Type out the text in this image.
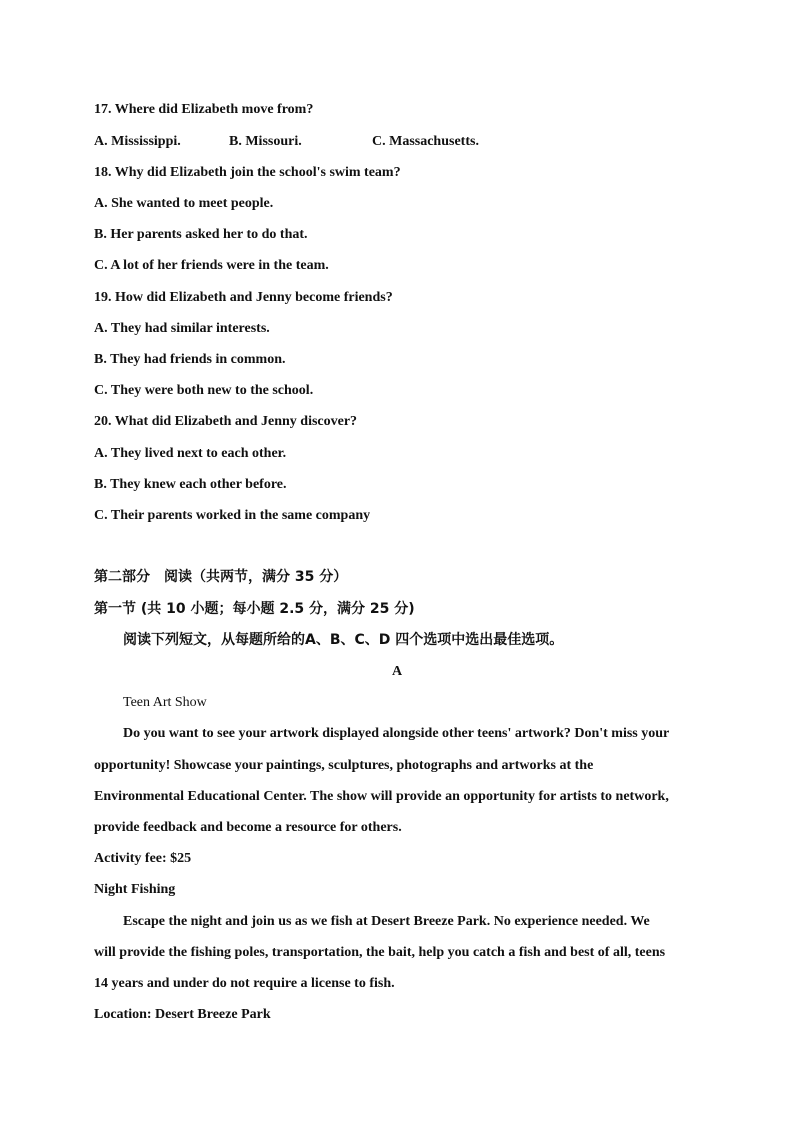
17. Where did Elizabeth move from?
A. Mississippi.	B. Missouri.	C. Massachusetts.
18. Why did Elizabeth join the school's swim team?
A. She wanted to meet people.
B. Her parents asked her to do that.
C. A lot of her friends were in the team.
19. How did Elizabeth and Jenny become friends?
A. They had similar interests.
B. They had friends in common.
C. They were both new to the school.
20. What did Elizabeth and Jenny discover?
A. They lived next to each other.
B. They knew each other before.
C. Their parents worked in the same company
第二部分　阅读（共两节，满分 35 分）
第一节 (共 10 小题；每小题 2.5 分，满分 25 分)
阅读下列短文，从每题所给的A、B、C、D 四个选项中选出最佳选项。
A
Teen Art Show
Do you want to see your artwork displayed alongside other teens' artwork? Don't miss your
opportunity! Showcase your paintings, sculptures, photographs and artworks at the
Environmental Educational Center. The show will provide an opportunity for artists to network,
provide feedback and become a resource for others.
Activity fee: $25
Night Fishing
Escape the night and join us as we fish at Desert Breeze Park. No experience needed. We
will provide the fishing poles, transportation, the bait, help you catch a fish and best of all, teens
14 years and under do not require a license to fish.
Location: Desert Breeze Park
